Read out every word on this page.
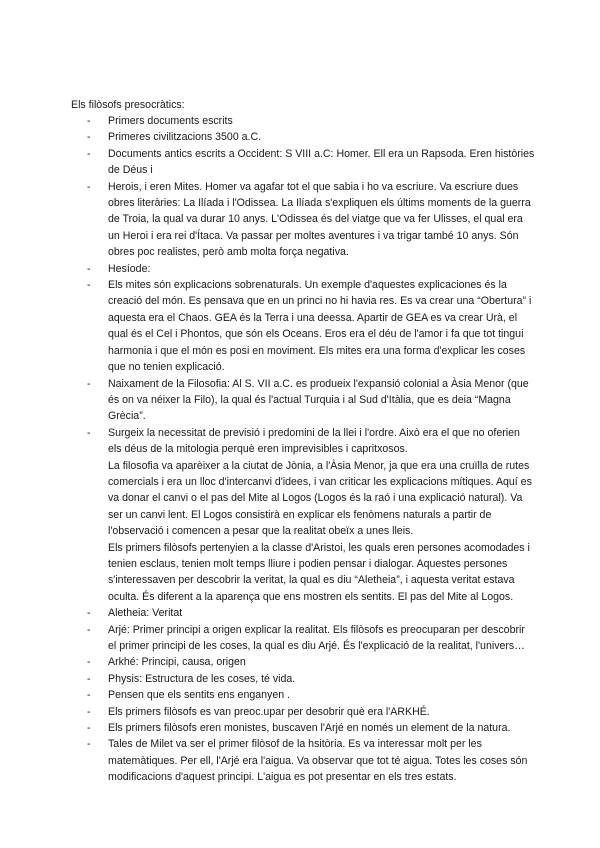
Els filòsofs presocràtics:
- Primers documents escrits
- Primeres civilitzacions 3500 a.C.
- Documents antics escrits a Occident: S VIII a.C: Homer. Ell era un Rapsoda. Eren històries de Déus i
- Herois, i eren Mites. Homer va agafar tot el que sabia i ho va escriure. Va escriure dues obres literàries: La Ilíada i l'Odissea. La Ilíada s'expliquen els últims moments de la guerra de Troia, la qual va durar 10 anys. L'Odissea és del viatge que va fer Ulisses, el qual era un Heroi i era rei d'Ítaca. Va passar per moltes aventures i va trigar també 10 anys. Són obres poc realistes, però amb molta força negativa.
- Hesíode:
- Els mites són explicacions sobrenaturals. Un exemple d'aquestes explicaciones és la creació del món. Es pensava que en un princi no hi havia res. Es va crear una “Obertura” i aquesta era el Chaos. GEA és la Terra i una deessa. Apartir de GEA es va crear Urà, el qual és el Cel i Phontos, que són els Oceans. Eros era el déu de l'amor i fa que tot tingui harmonia i que el món es posi en moviment. Els mites era una forma d'explicar les coses que no tenien explicació.
- Naixament de la Filosofia: Al S. VII a.C. es produeix l'expansió colonial a Àsia Menor (que és on va néixer la Filo), la qual és l'actual Turquia i al Sud d'Itàlia, que es deia “Magna Grècia”.
- Surgeix la necessitat de previsió i predomini de la llei i l'ordre. Això era el que no oferien els déus de la mitologia perquè eren imprevisibles i capritxosos.
La filosofia va aparèixer a la ciutat de Jònia, a l'Àsia Menor, ja que era una cruïlla de rutes comercials i era un lloc d'intercanvi d'idees, i van criticar les explicacions mítiques. Aquí es va donar el canvi o el pas del Mite al Logos (Logos és la raó i una explicació natural). Va ser un canvi lent. El Logos consistirà en explicar els fenòmens naturals a partir de l'observació i comencen a pesar que la realitat obeïx a unes lleis.
Els primers filòsofs pertenyien a la classe d'Aristoi, les quals eren persones acomodades i tenien esclaus, tenien molt temps lliure i podien pensar i dialogar. Aquestes persones s'interessaven per descobrir la veritat, la qual es diu “Aletheia”, i aquesta veritat estava oculta. És diferent a la aparença que ens mostren els sentits. El pas del Mite al Logos.
- Aletheia: Veritat
- Arjé: Primer principi a origen explicar la realitat. Els filòsofs es preocuparan per descobrir el primer principi de les coses, la qual es diu Arjé. És l'explicació de la realitat, l'univers…
- Arkhé: Principi, causa, origen
- Physis: Estructura de les coses, té vida.
- Pensen que els sentits ens enganyen .
- Els primers filòsofs es van preoc.upar per desobrir què era l'ARKHÉ.
- Els primers filòsofs eren monistes, buscaven l'Arjé en només un element de la natura.
- Tales de Milet va ser el primer filòsof de la hsitòria. Es va interessar molt per les matemàtiques. Per ell, l'Arjé era l'aigua. Va observar que tot té aigua. Totes les coses són modificacions d'aquest principi. L'aigua es pot presentar en els tres estats.
